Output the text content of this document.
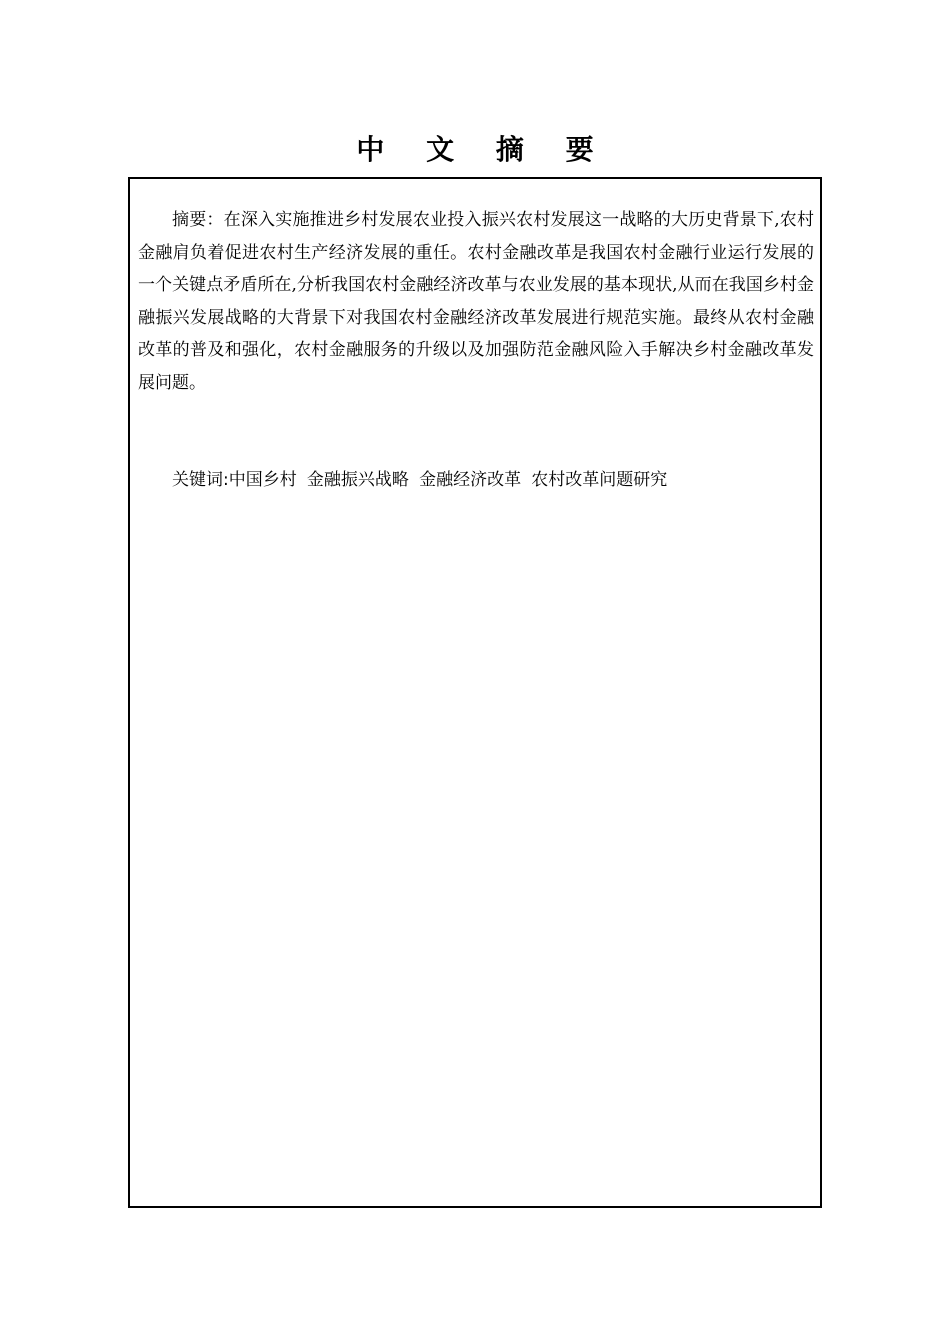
中 文 摘 要

摘要：在深入实施推进乡村发展农业投入振兴农村发展这一战略的大历史背景下,农村金融肩负着促进农村生产经济发展的重任。农村金融改革是我国农村金融行业运行发展的一个关键点矛盾所在,分析我国农村金融经济改革与农业发展的基本现状,从而在我国乡村金融振兴发展战略的大背景下对我国农村金融经济改革发展进行规范实施。最终从农村金融改革的普及和强化，农村金融服务的升级以及加强防范金融风险入手解决乡村金融改革发展问题。

关键词:中国乡村 金融振兴战略 金融经济改革 农村改革问题研究
